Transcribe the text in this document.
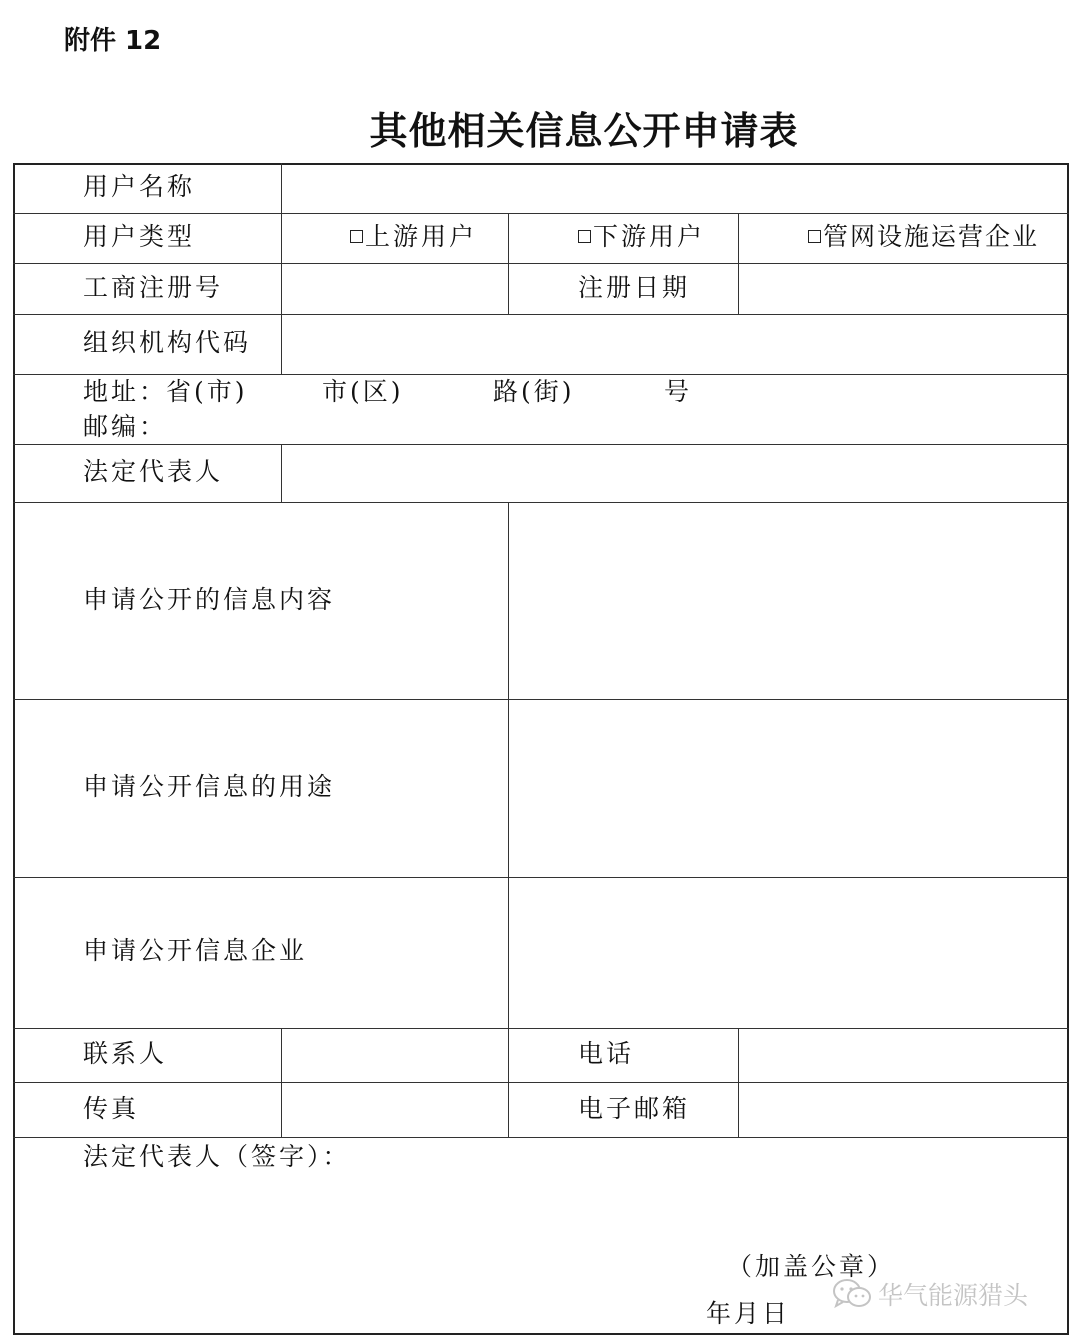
附件 12
其他相关信息公开申请表
用户名称
用户类型	上游用户	下游用户	管网设施运营企业
工商注册号	注册日期
组织机构代码
地址：
省(市)	市(区)	路(街)	号
邮编：
法定代表人
申请公开的信息内容
申请公开信息的用途
申请公开信息企业
联系人	电话
传真	电子邮箱
法定代表人（签字）：
（加盖公章）
年月日
华气能源猎头
